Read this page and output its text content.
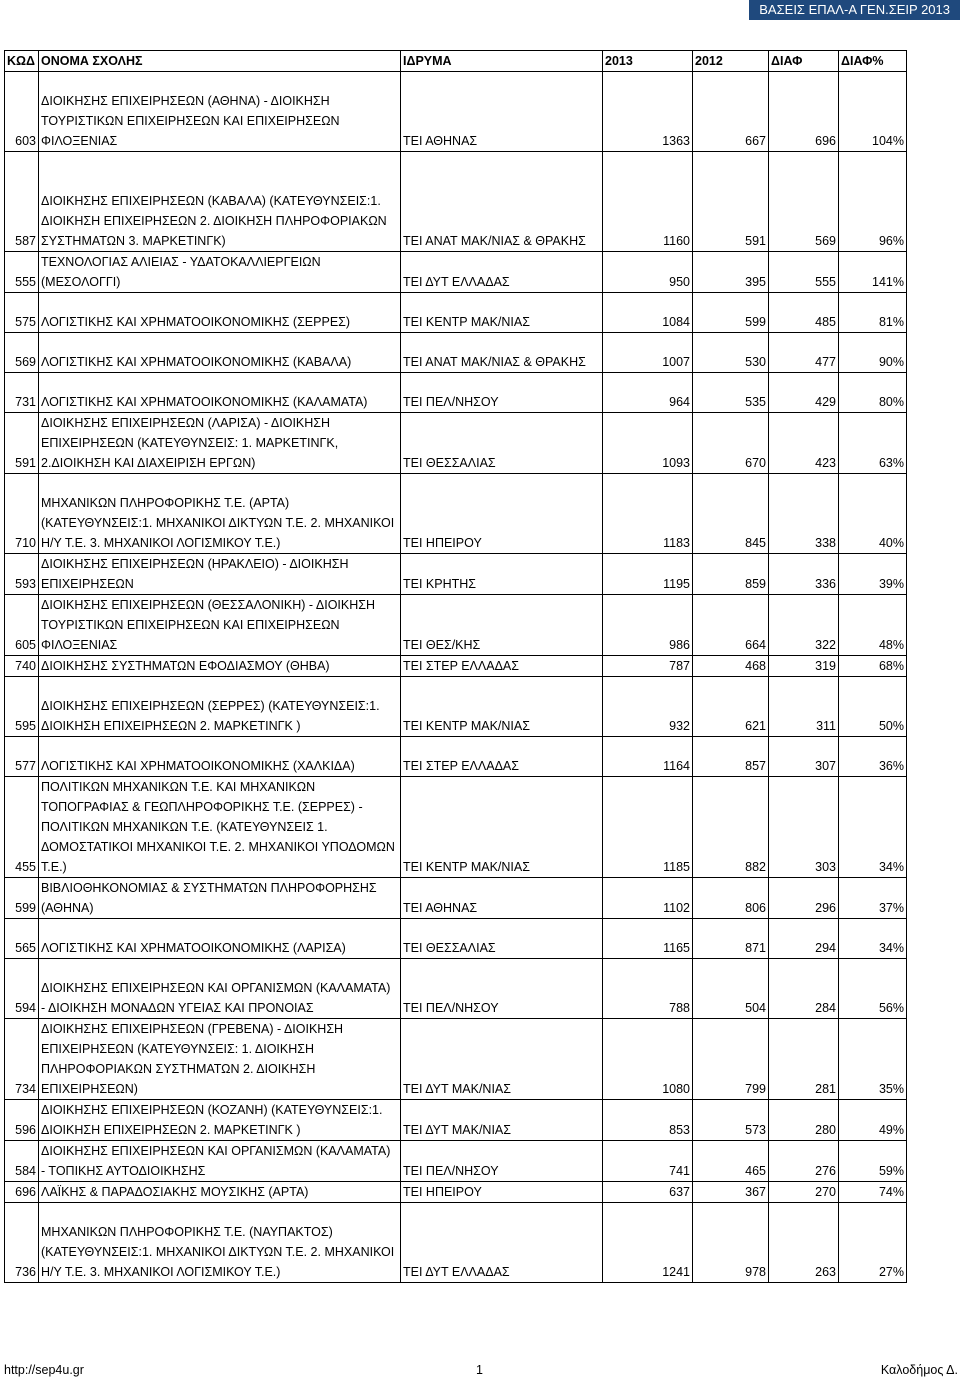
ΒΑΣΕΙΣ ΕΠΑΛ-Α ΓΕΝ.ΣΕΙΡ 2013
ΚΩΔ	ΟΝΟΜΑ ΣΧΟΛΗΣ	ΙΔΡΥΜΑ	2013	2012	ΔΙΑΦ	ΔΙΑΦ%
603	ΔΙΟΙΚΗΣΗΣ ΕΠΙΧΕΙΡΗΣΕΩΝ (ΑΘΗΝΑ) - ΔΙΟΙΚΗΣΗ ΤΟΥΡΙΣΤΙΚΩΝ ΕΠΙΧΕΙΡΗΣΕΩΝ ΚΑΙ ΕΠΙΧΕΙΡΗΣΕΩΝ ΦΙΛΟΞΕΝΙΑΣ	ΤΕΙ ΑΘΗΝΑΣ	1363	667	696	104%
587	ΔΙΟΙΚΗΣΗΣ ΕΠΙΧΕΙΡΗΣΕΩΝ (ΚΑΒΑΛΑ) (ΚΑΤΕΥΘΥΝΣΕΙΣ:1. ΔΙΟΙΚΗΣΗ ΕΠΙΧΕΙΡΗΣΕΩΝ 2. ΔΙΟΙΚΗΣΗ ΠΛΗΡΟΦΟΡΙΑΚΩΝ ΣΥΣΤΗΜΑΤΩΝ 3. ΜΑΡΚΕΤΙΝΓΚ)	ΤΕΙ ΑΝΑΤ ΜΑΚ/ΝΙΑΣ & ΘΡΑΚΗΣ	1160	591	569	96%
555	ΤΕΧΝΟΛΟΓΙΑΣ ΑΛΙΕΙΑΣ - ΥΔΑΤΟΚΑΛΛΙΕΡΓΕΙΩΝ (ΜΕΣΟΛΟΓΓΙ)	ΤΕΙ ΔΥΤ ΕΛΛΑΔΑΣ	950	395	555	141%
575	ΛΟΓΙΣΤΙΚΗΣ ΚΑΙ ΧΡΗΜΑΤΟΟΙΚΟΝΟΜΙΚΗΣ (ΣΕΡΡΕΣ)	ΤΕΙ ΚΕΝΤΡ ΜΑΚ/ΝΙΑΣ	1084	599	485	81%
569	ΛΟΓΙΣΤΙΚΗΣ ΚΑΙ ΧΡΗΜΑΤΟΟΙΚΟΝΟΜΙΚΗΣ (ΚΑΒΑΛΑ)	ΤΕΙ ΑΝΑΤ ΜΑΚ/ΝΙΑΣ & ΘΡΑΚΗΣ	1007	530	477	90%
731	ΛΟΓΙΣΤΙΚΗΣ ΚΑΙ ΧΡΗΜΑΤΟΟΙΚΟΝΟΜΙΚΗΣ (ΚΑΛΑΜΑΤΑ)	ΤΕΙ ΠΕΛ/ΝΗΣΟΥ	964	535	429	80%
591	ΔΙΟΙΚΗΣΗΣ ΕΠΙΧΕΙΡΗΣΕΩΝ (ΛΑΡΙΣΑ) - ΔΙΟΙΚΗΣΗ ΕΠΙΧΕΙΡΗΣΕΩΝ (ΚΑΤΕΥΘΥΝΣΕΙΣ: 1. ΜΑΡΚΕΤΙΝΓΚ, 2.ΔΙΟΙΚΗΣΗ ΚΑΙ ΔΙΑΧΕΙΡΙΣΗ ΕΡΓΩΝ)	ΤΕΙ ΘΕΣΣΑΛΙΑΣ	1093	670	423	63%
710	ΜΗΧΑΝΙΚΩΝ ΠΛΗΡΟΦΟΡΙΚΗΣ Τ.Ε. (ΑΡΤΑ) (ΚΑΤΕΥΘΥΝΣΕΙΣ:1. ΜΗΧΑΝΙΚΟΙ ΔΙΚΤΥΩΝ Τ.Ε. 2. ΜΗΧΑΝΙΚΟΙ Η/Υ Τ.Ε. 3. ΜΗΧΑΝΙΚΟΙ ΛΟΓΙΣΜΙΚΟΥ Τ.Ε.)	ΤΕΙ ΗΠΕΙΡΟΥ	1183	845	338	40%
593	ΔΙΟΙΚΗΣΗΣ ΕΠΙΧΕΙΡΗΣΕΩΝ (ΗΡΑΚΛΕΙΟ) - ΔΙΟΙΚΗΣΗ ΕΠΙΧΕΙΡΗΣΕΩΝ	ΤΕΙ ΚΡΗΤΗΣ	1195	859	336	39%
605	ΔΙΟΙΚΗΣΗΣ ΕΠΙΧΕΙΡΗΣΕΩΝ (ΘΕΣΣΑΛΟΝΙΚΗ) - ΔΙΟΙΚΗΣΗ ΤΟΥΡΙΣΤΙΚΩΝ ΕΠΙΧΕΙΡΗΣΕΩΝ ΚΑΙ ΕΠΙΧΕΙΡΗΣΕΩΝ ΦΙΛΟΞΕΝΙΑΣ	ΤΕΙ ΘΕΣ/ΚΗΣ	986	664	322	48%
740	ΔΙΟΙΚΗΣΗΣ ΣΥΣΤΗΜΑΤΩΝ ΕΦΟΔΙΑΣΜΟΥ (ΘΗΒΑ)	ΤΕΙ ΣΤΕΡ ΕΛΛΑΔΑΣ	787	468	319	68%
595	ΔΙΟΙΚΗΣΗΣ ΕΠΙΧΕΙΡΗΣΕΩΝ (ΣΕΡΡΕΣ) (ΚΑΤΕΥΘΥΝΣΕΙΣ:1. ΔΙΟΙΚΗΣΗ ΕΠΙΧΕΙΡΗΣΕΩΝ 2. ΜΑΡΚΕΤΙΝΓΚ )	ΤΕΙ ΚΕΝΤΡ ΜΑΚ/ΝΙΑΣ	932	621	311	50%
577	ΛΟΓΙΣΤΙΚΗΣ ΚΑΙ ΧΡΗΜΑΤΟΟΙΚΟΝΟΜΙΚΗΣ (ΧΑΛΚΙΔΑ)	ΤΕΙ ΣΤΕΡ ΕΛΛΑΔΑΣ	1164	857	307	36%
455	ΠΟΛΙΤΙΚΩΝ ΜΗΧΑΝΙΚΩΝ Τ.Ε. ΚΑΙ ΜΗΧΑΝΙΚΩΝ ΤΟΠΟΓΡΑΦΙΑΣ & ΓΕΩΠΛΗΡΟΦΟΡΙΚΗΣ Τ.Ε. (ΣΕΡΡΕΣ) - ΠΟΛΙΤΙΚΩΝ ΜΗΧΑΝΙΚΩΝ Τ.Ε. (ΚΑΤΕΥΘΥΝΣΕΙΣ 1. ΔΟΜΟΣΤΑΤΙΚΟΙ ΜΗΧΑΝΙΚΟΙ Τ.Ε. 2. ΜΗΧΑΝΙΚΟΙ ΥΠΟΔΟΜΩΝ Τ.Ε.)	ΤΕΙ ΚΕΝΤΡ ΜΑΚ/ΝΙΑΣ	1185	882	303	34%
599	ΒΙΒΛΙΟΘΗΚΟΝΟΜΙΑΣ & ΣΥΣΤΗΜΑΤΩΝ ΠΛΗΡΟΦΟΡΗΣΗΣ (ΑΘΗΝΑ)	ΤΕΙ ΑΘΗΝΑΣ	1102	806	296	37%
565	ΛΟΓΙΣΤΙΚΗΣ ΚΑΙ ΧΡΗΜΑΤΟΟΙΚΟΝΟΜΙΚΗΣ (ΛΑΡΙΣΑ)	ΤΕΙ ΘΕΣΣΑΛΙΑΣ	1165	871	294	34%
594	ΔΙΟΙΚΗΣΗΣ ΕΠΙΧΕΙΡΗΣΕΩΝ ΚΑΙ ΟΡΓΑΝΙΣΜΩΝ (ΚΑΛΑΜΑΤΑ) - ΔΙΟΙΚΗΣΗ ΜΟΝΑΔΩΝ ΥΓΕΙΑΣ ΚΑΙ ΠΡΟΝΟΙΑΣ	ΤΕΙ ΠΕΛ/ΝΗΣΟΥ	788	504	284	56%
734	ΔΙΟΙΚΗΣΗΣ ΕΠΙΧΕΙΡΗΣΕΩΝ (ΓΡΕΒΕΝΑ) - ΔΙΟΙΚΗΣΗ ΕΠΙΧΕΙΡΗΣΕΩΝ (ΚΑΤΕΥΘΥΝΣΕΙΣ: 1. ΔΙΟΙΚΗΣΗ ΠΛΗΡΟΦΟΡΙΑΚΩΝ ΣΥΣΤΗΜΑΤΩΝ 2. ΔΙΟΙΚΗΣΗ ΕΠΙΧΕΙΡΗΣΕΩΝ)	ΤΕΙ ΔΥΤ ΜΑΚ/ΝΙΑΣ	1080	799	281	35%
596	ΔΙΟΙΚΗΣΗΣ ΕΠΙΧΕΙΡΗΣΕΩΝ (ΚΟΖΑΝΗ) (ΚΑΤΕΥΘΥΝΣΕΙΣ:1. ΔΙΟΙΚΗΣΗ ΕΠΙΧΕΙΡΗΣΕΩΝ 2. ΜΑΡΚΕΤΙΝΓΚ )	ΤΕΙ ΔΥΤ ΜΑΚ/ΝΙΑΣ	853	573	280	49%
584	ΔΙΟΙΚΗΣΗΣ ΕΠΙΧΕΙΡΗΣΕΩΝ ΚΑΙ ΟΡΓΑΝΙΣΜΩΝ (ΚΑΛΑΜΑΤΑ) - ΤΟΠΙΚΗΣ ΑΥΤΟΔΙΟΙΚΗΣΗΣ	ΤΕΙ ΠΕΛ/ΝΗΣΟΥ	741	465	276	59%
696	ΛΑΪΚΗΣ & ΠΑΡΑΔΟΣΙΑΚΗΣ ΜΟΥΣΙΚΗΣ (ΑΡΤΑ)	ΤΕΙ ΗΠΕΙΡΟΥ	637	367	270	74%
736	ΜΗΧΑΝΙΚΩΝ ΠΛΗΡΟΦΟΡΙΚΗΣ Τ.Ε. (ΝΑΥΠΑΚΤΟΣ) (ΚΑΤΕΥΘΥΝΣΕΙΣ:1. ΜΗΧΑΝΙΚΟΙ ΔΙΚΤΥΩΝ Τ.Ε. 2. ΜΗΧΑΝΙΚΟΙ Η/Υ Τ.Ε. 3. ΜΗΧΑΝΙΚΟΙ ΛΟΓΙΣΜΙΚΟΥ Τ.Ε.)	ΤΕΙ ΔΥΤ ΕΛΛΑΔΑΣ	1241	978	263	27%
http://sep4u.gr	1	Καλοδήμος Δ.
